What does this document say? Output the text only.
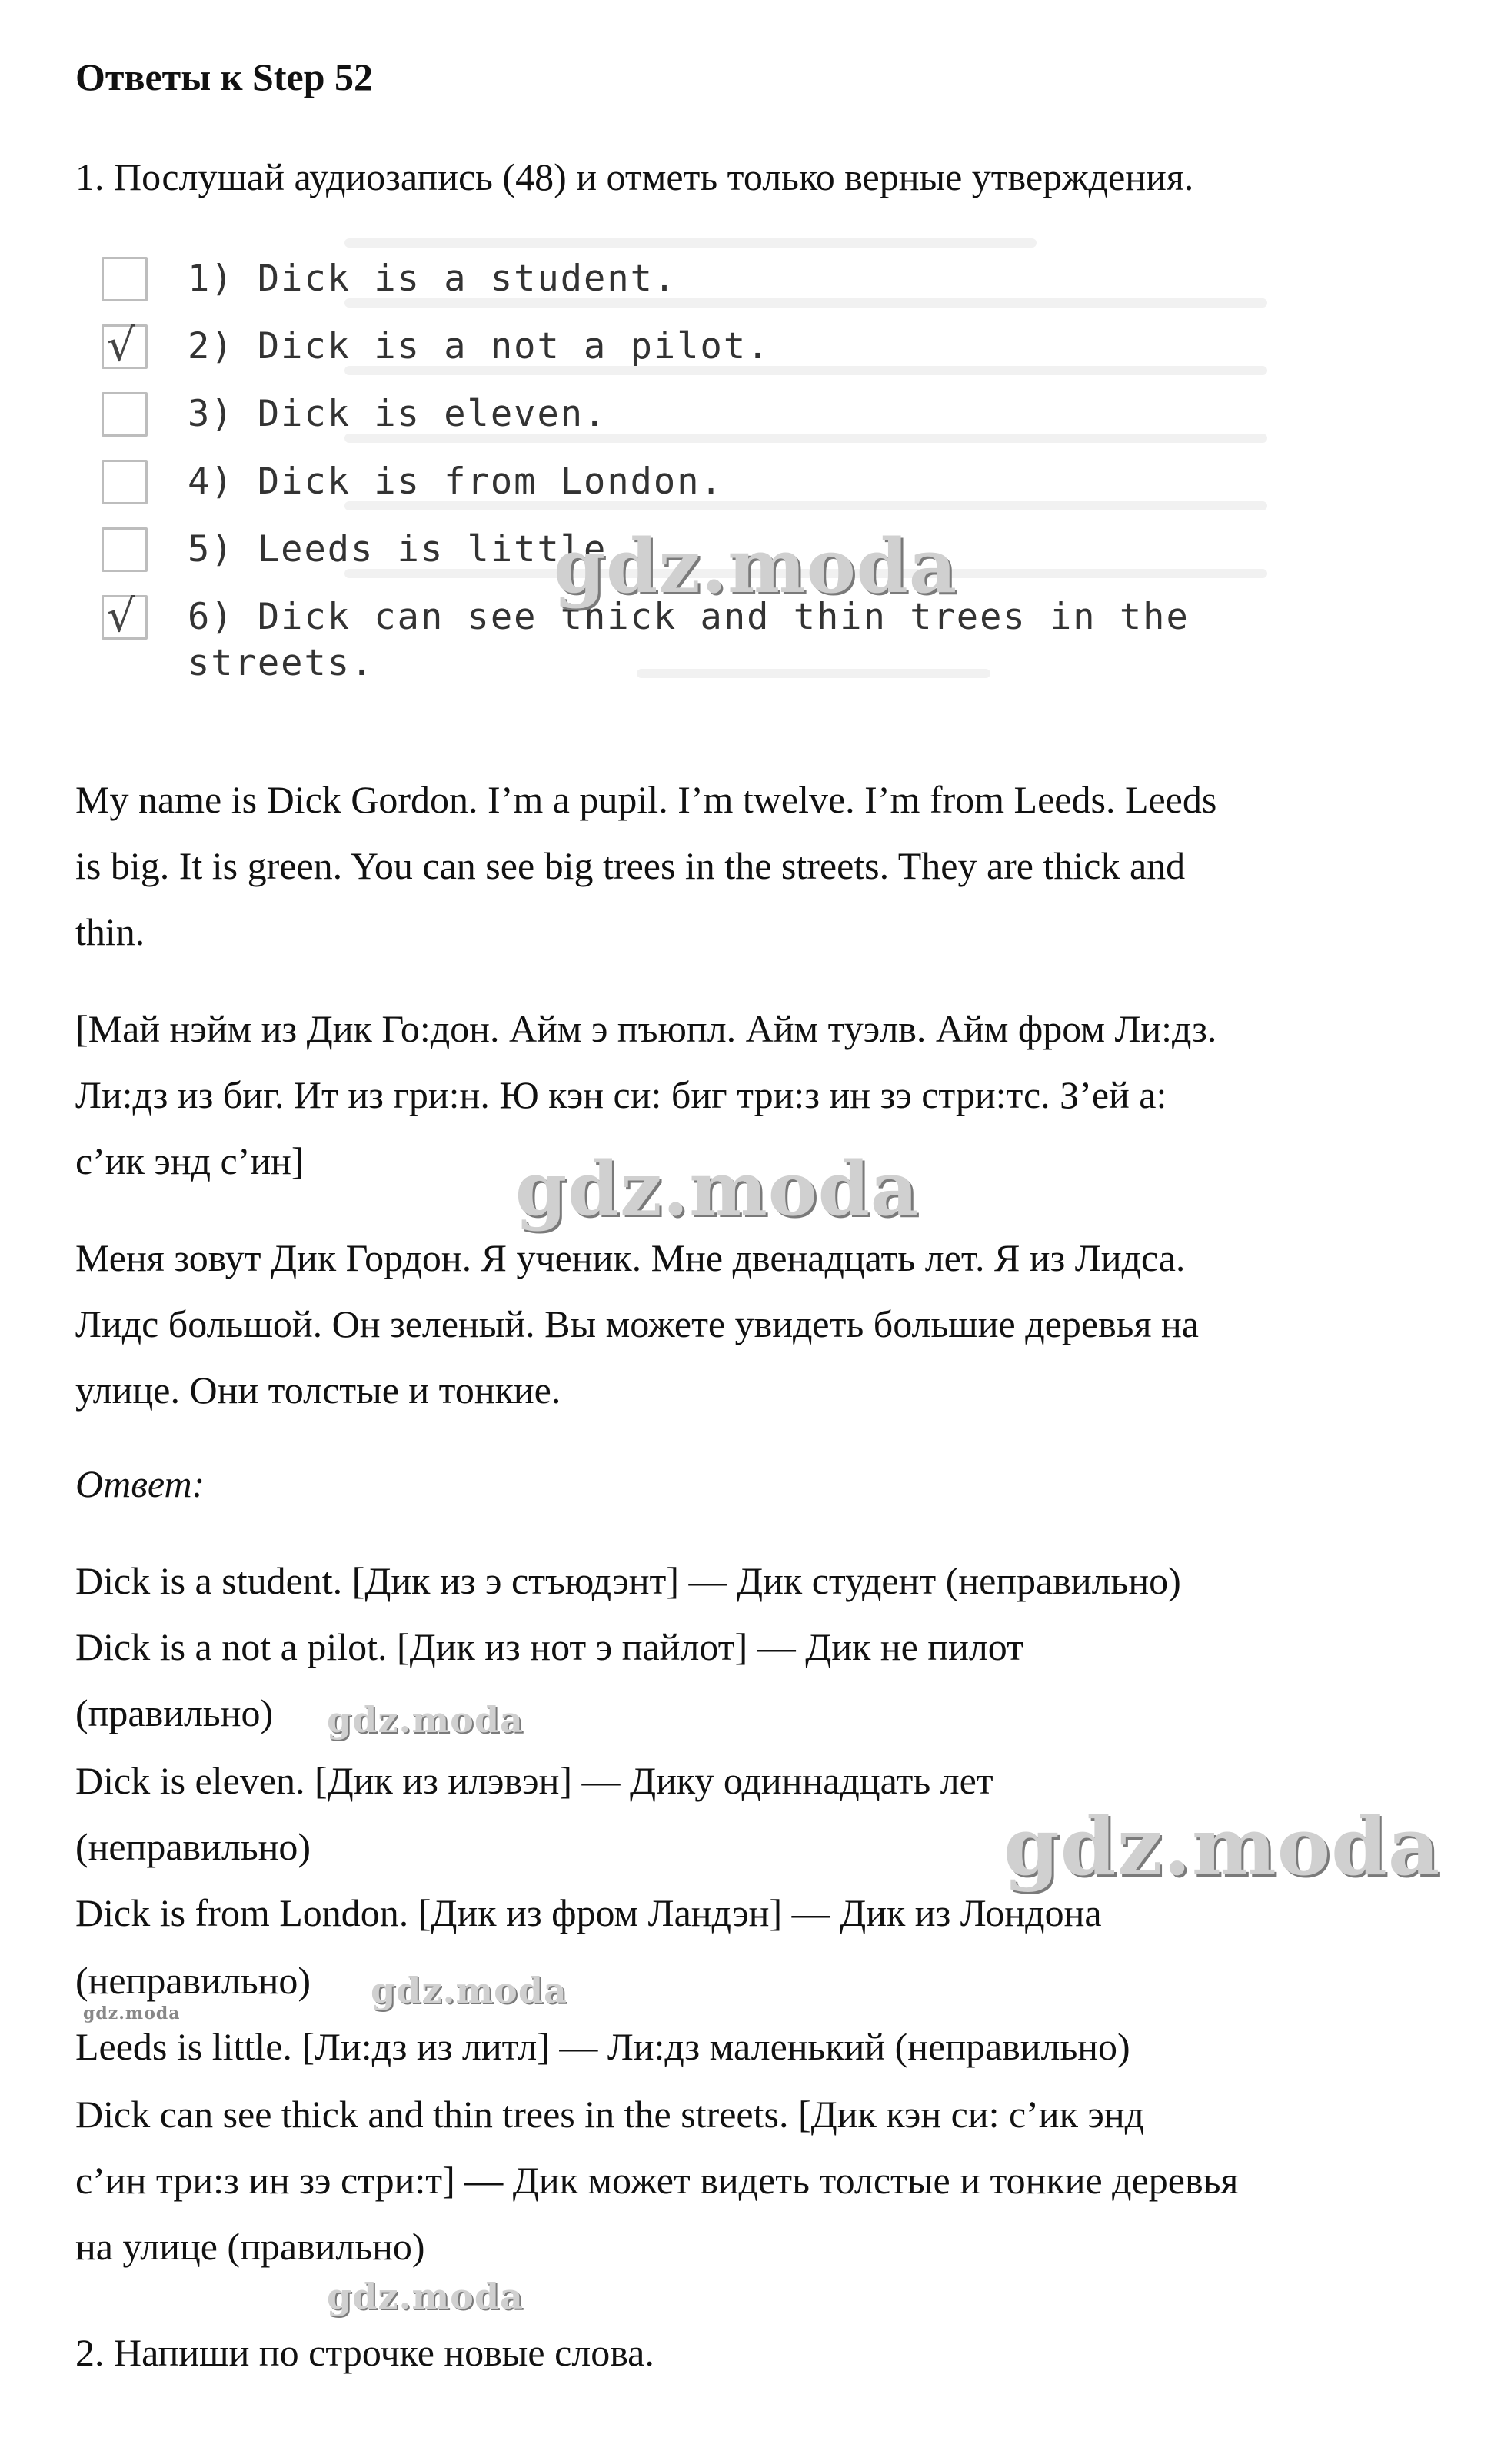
Ответы к Step 52
1. Послушай аудиозапись (48) и отметь только верные утверждения.
1) Dick is a student.
√ 2) Dick is a not a pilot.
3) Dick is eleven.
4) Dick is from London.
5) Leeds is little.
√ 6) Dick can see thick and thin trees in the
streets.
My name is Dick Gordon. I’m a pupil. I’m twelve. I’m from Leeds. Leeds
is big. It is green. You can see big trees in the streets. They are thick and
thin.
[Май нэйм из Дик Го:дон. Айм э пъюпл. Айм туэлв. Айм фром Ли:дз.
Ли:дз из биг. Ит из гри:н. Ю кэн си: биг три:з ин зэ стри:тс. З’ей а:
с’ик энд с’ин]
Меня зовут Дик Гордон. Я ученик. Мне двенадцать лет. Я из Лидса.
Лидс большой. Он зеленый. Вы можете увидеть большие деревья на
улице. Они толстые и тонкие.
Ответ:
Dick is a student. [Дик из э стъюдэнт] — Дик студент (неправильно)
Dick is a not a pilot. [Дик из нот э пайлот] — Дик не пилот
(правильно)
Dick is eleven. [Дик из илэвэн] — Дику одиннадцать лет
(неправильно)
Dick is from London. [Дик из фром Ландэн] — Дик из Лондона
(неправильно)
Leeds is little. [Ли:дз из литл] — Ли:дз маленький (неправильно)
Dick can see thick and thin trees in the streets. [Дик кэн си: с’ик энд
с’ин три:з ин зэ стри:т] — Дик может видеть толстые и тонкие деревья
на улице (правильно)
2. Напиши по строчке новые слова.
gdz.moda
gdz.moda
gdz.moda
gdz.moda
gdz.moda
gdz.moda
gdz.moda
